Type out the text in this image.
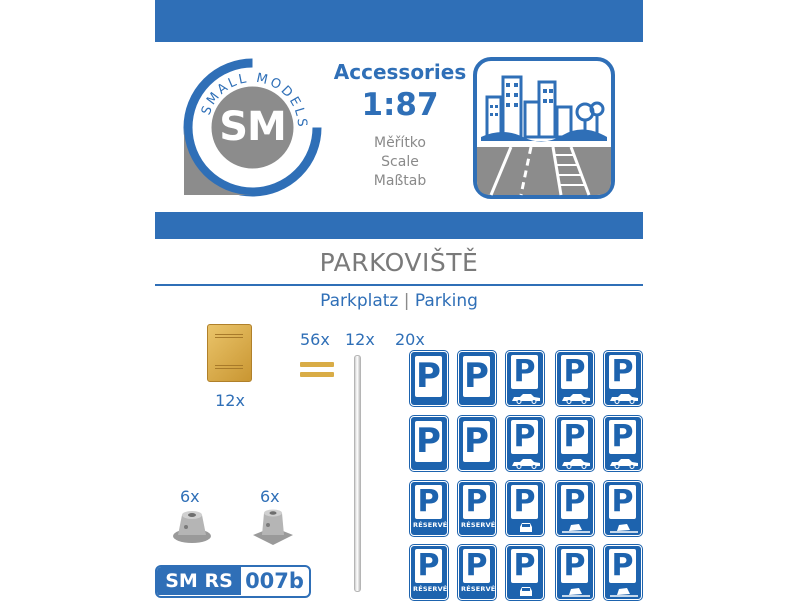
SMALL MODELS
SM
Accessories
1:87
Měřítko
Scale
Maßtab
PARKOVIŠTĚ
Parkplatz | Parking
12x
56x 12x 20x
6x	6x
SM RS 007b
P P P P P
P P P P P
P
RÉSERVÉ
P
RÉSERVÉ
P P P
P
RÉSERVÉ
P
RÉSERVÉ
P P P
